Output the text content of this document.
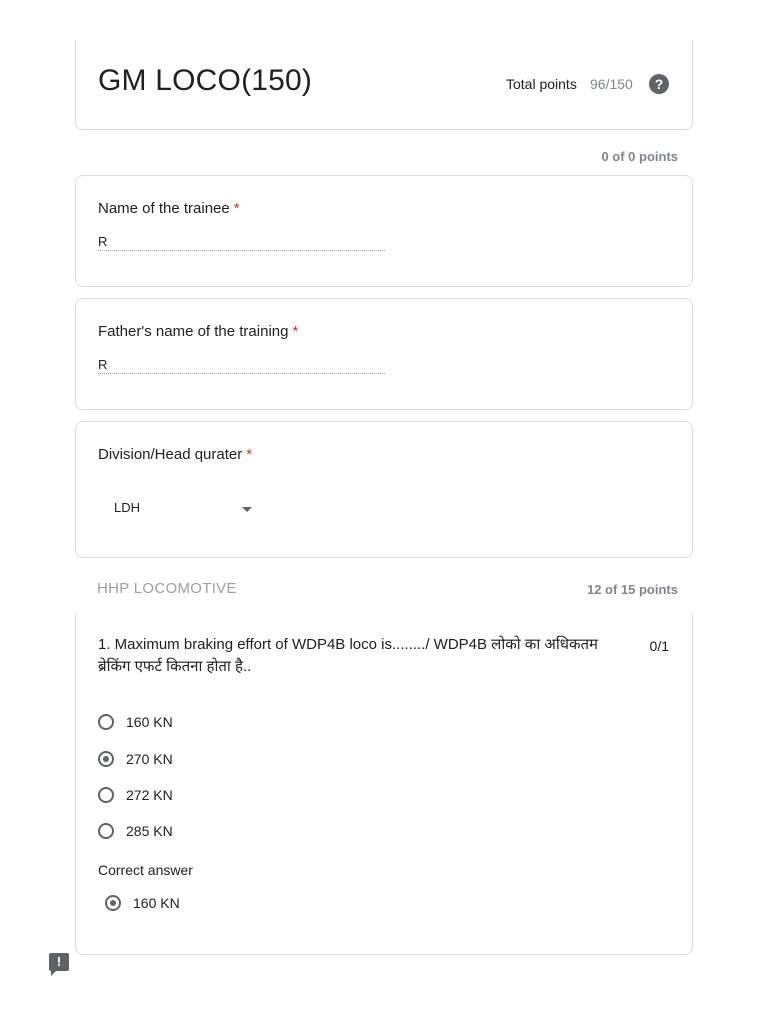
GM LOCO(150)	Total points 96/150	?
0 of 0 points
Name of the trainee *
R
Father's name of the training *
R
Division/Head qurater *
LDH
HHP LOCOMOTIVE	12 of 15 points
1. Maximum braking effort of WDP4B loco is......../ WDP4B लोको का अधिकतम ब्रेकिंग एफर्ट कितना होता है..
0/1
160 KN
270 KN
272 KN
285 KN
Correct answer
160 KN
!
